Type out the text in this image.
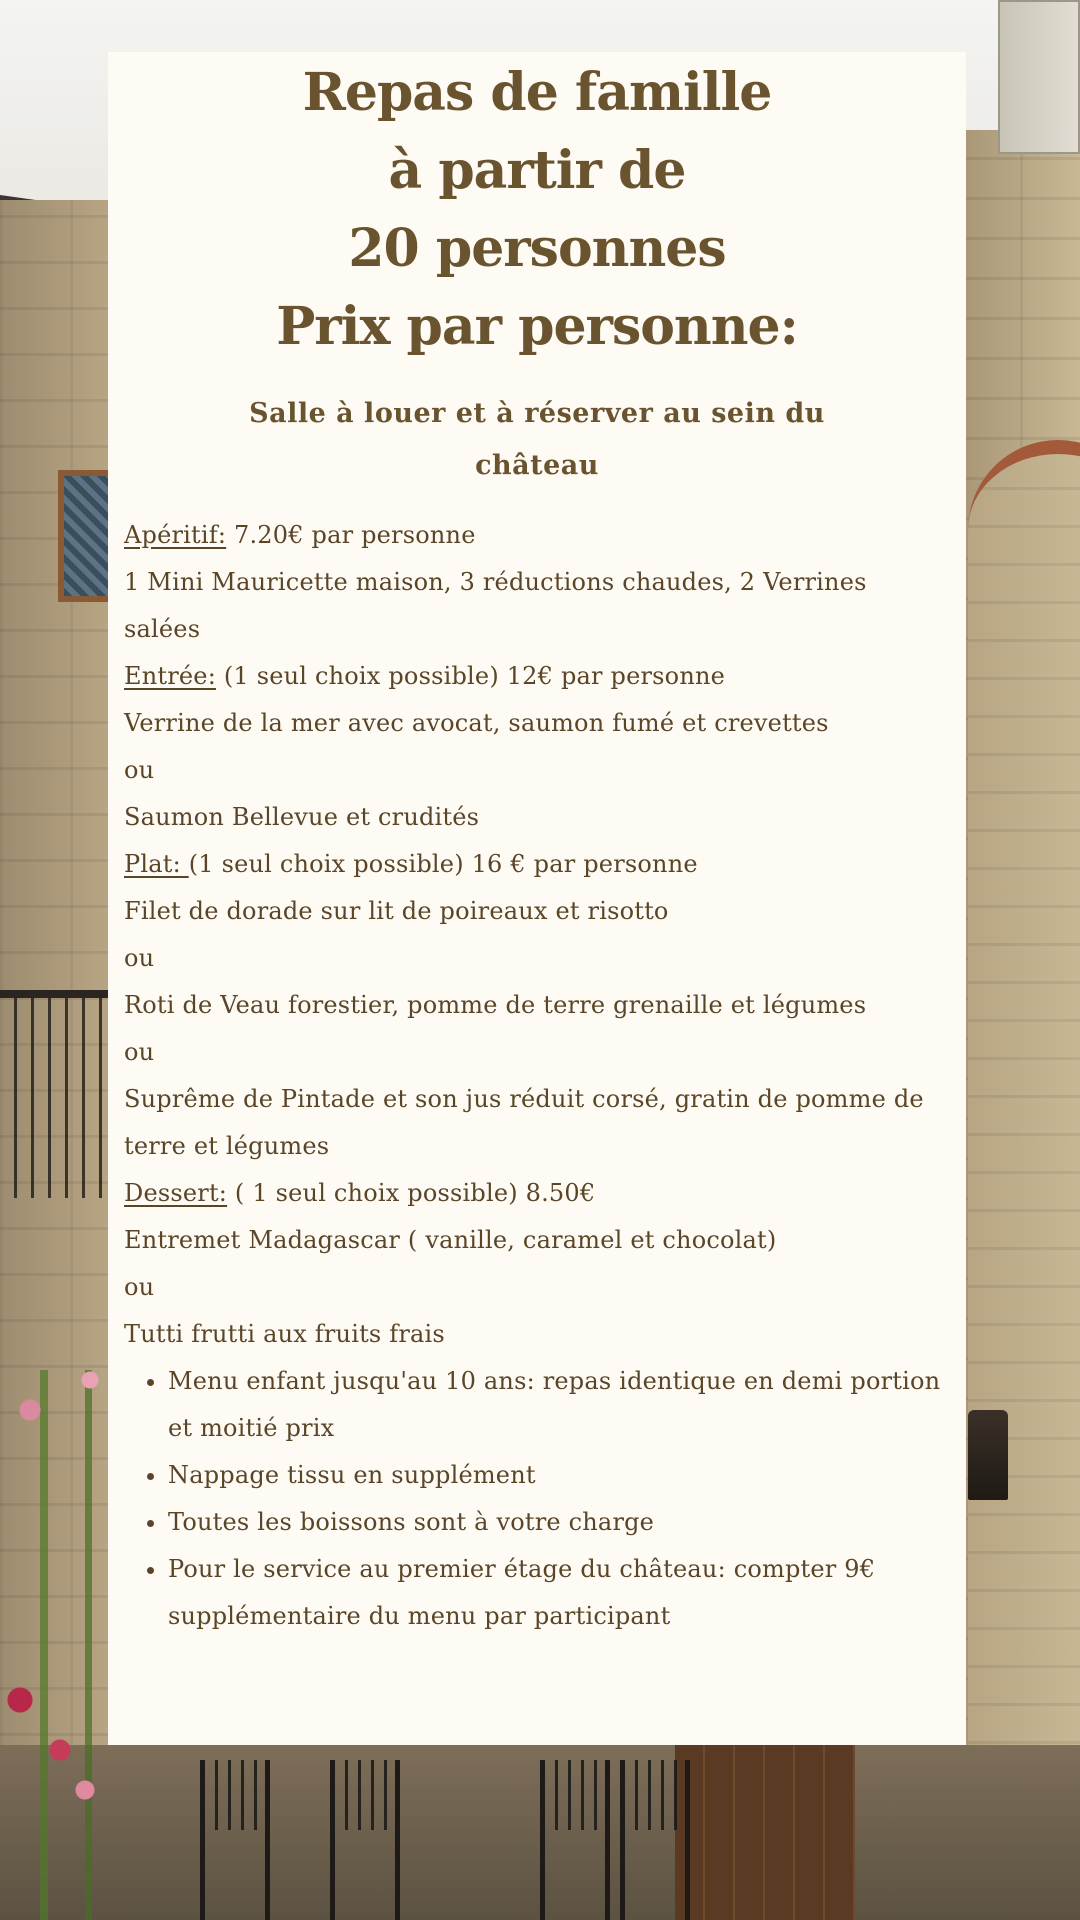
Repas de famille
à partir de
20 personnes
Prix par personne:
Salle à louer et à réserver au sein du château
Apéritif: 7.20€ par personne
1 Mini Mauricette maison, 3 réductions chaudes, 2 Verrines salées
Entrée: (1 seul choix possible) 12€ par personne
Verrine de la mer avec avocat, saumon fumé et crevettes
ou
Saumon Bellevue et crudités
Plat: (1 seul choix possible) 16 € par personne
Filet de dorade sur lit de poireaux et risotto
ou
Roti de Veau forestier, pomme de terre grenaille et légumes
ou
Suprême de Pintade et son jus réduit corsé, gratin de pomme de terre et légumes
Dessert: ( 1 seul choix possible) 8.50€
Entremet Madagascar ( vanille, caramel et chocolat)
ou
Tutti frutti aux fruits frais
• Menu enfant jusqu'au 10 ans: repas identique en demi portion et moitié prix
• Nappage tissu en supplément
• Toutes les boissons sont à votre charge
• Pour le service au premier étage du château: compter 9€ supplémentaire du menu par participant
